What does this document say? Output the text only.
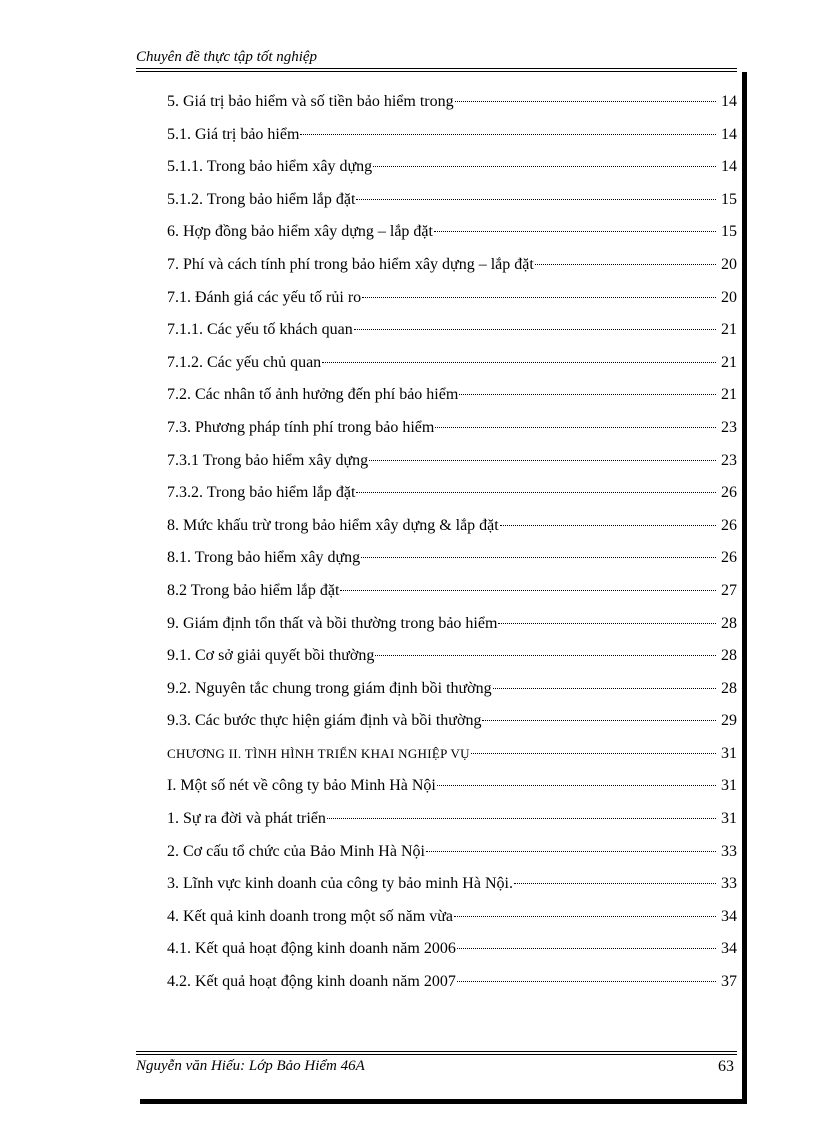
Chuyên đề thực tập tốt nghiệp
5. Giá trị bảo hiểm và số tiền bảo hiểm trong	14
5.1. Giá trị bảo hiểm	14
5.1.1. Trong bảo hiểm xây dựng	14
5.1.2. Trong bảo hiểm lắp đặt	15
6. Hợp đồng bảo hiểm xây dựng – lắp đặt	15
7. Phí và cách tính phí trong bảo hiểm xây dựng – lắp đặt	20
7.1. Đánh giá các yếu tố rủi ro	20
7.1.1. Các yếu tố khách quan	21
7.1.2. Các yếu chủ quan	21
7.2. Các nhân tố ảnh hưởng đến phí bảo hiểm	21
7.3. Phương pháp tính phí trong bảo hiểm	23
7.3.1 Trong bảo hiểm xây dựng	23
7.3.2. Trong bảo hiểm lắp đặt	26
8. Mức khấu trừ trong bảo hiểm xây dựng & lắp đặt	26
8.1. Trong bảo hiểm xây dựng	26
8.2 Trong bảo hiểm lắp đặt	27
9. Giám định tổn thất và bồi thường trong bảo hiểm	28
9.1. Cơ sở giải quyết bồi thường	28
9.2. Nguyên tắc chung trong giám định bồi thường	28
9.3. Các bước thực hiện giám định và bồi thường	29
CHƯƠNG II. TÌNH HÌNH TRIỂN KHAI NGHIỆP VỤ	31
I. Một số nét về công ty bảo Minh Hà Nội	31
1. Sự ra đời và phát triển	31
2. Cơ cấu tổ chức của Bảo Minh Hà Nội	33
3. Lĩnh vực kinh doanh của công ty bảo minh Hà Nội.	33
4. Kết quả kinh doanh trong một số năm vừa	34
4.1. Kết quả hoạt động kinh doanh năm 2006	34
4.2. Kết quả hoạt động kinh doanh năm 2007	37
Nguyễn văn Hiếu: Lớp Bảo Hiểm 46A	63
